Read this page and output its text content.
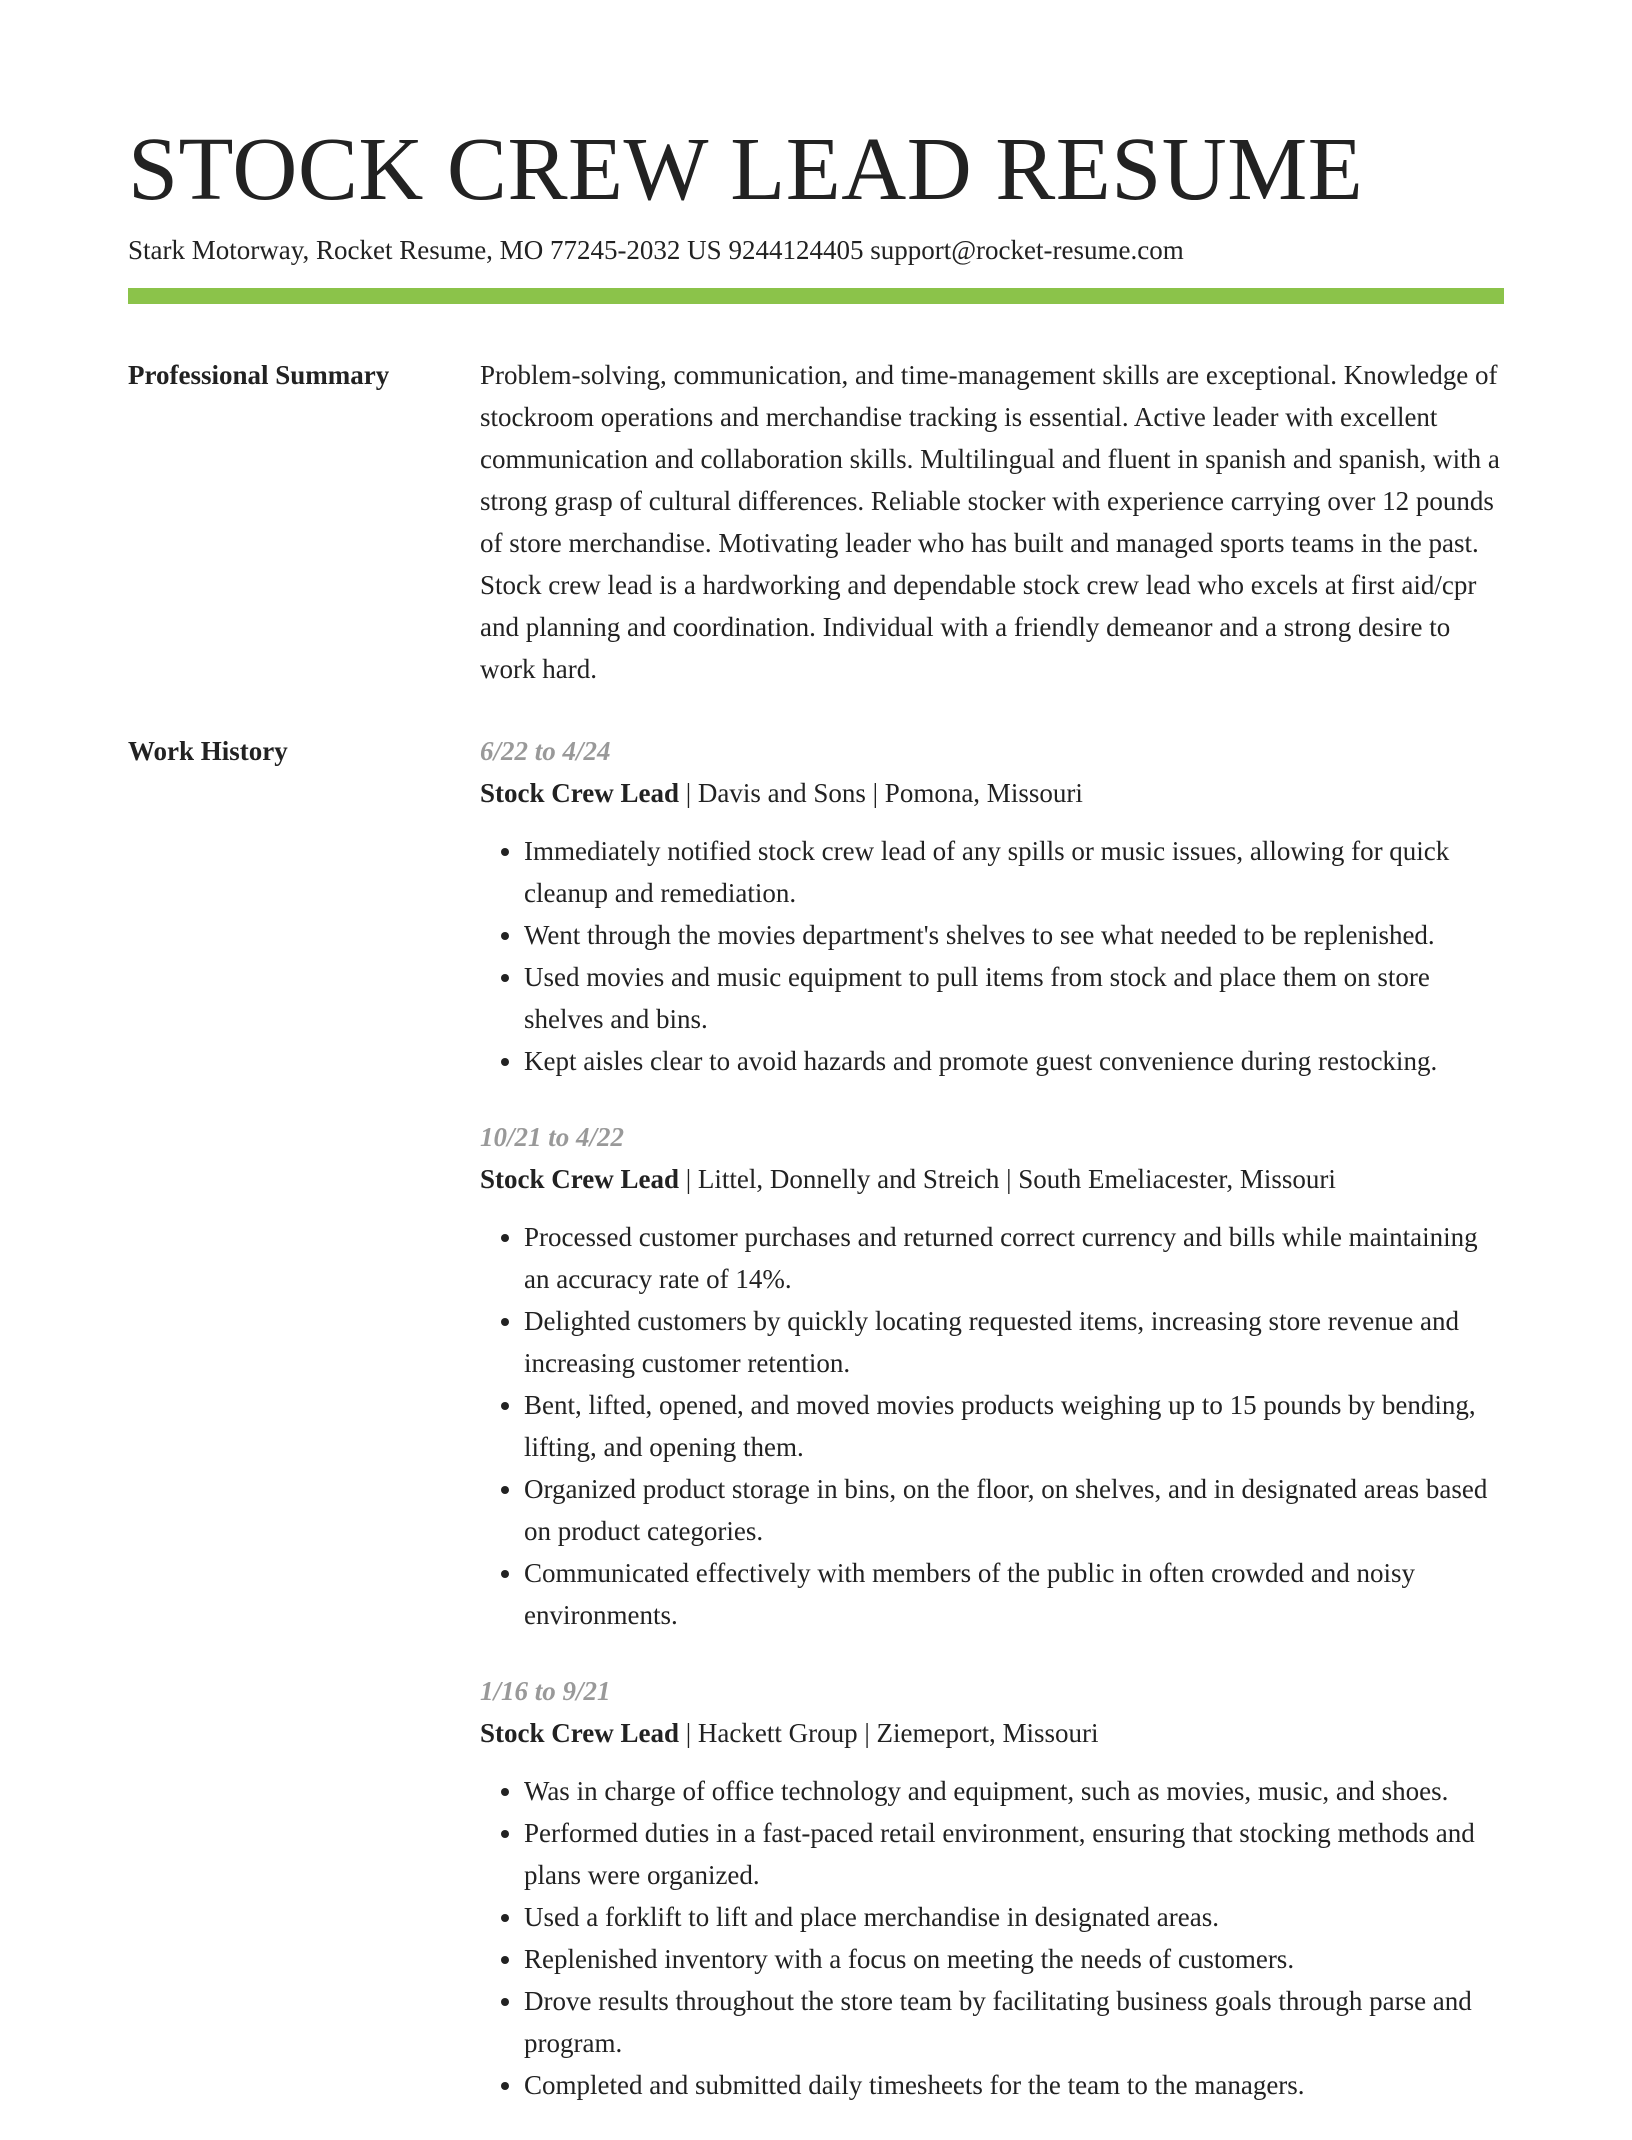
STOCK CREW LEAD RESUME
Stark Motorway, Rocket Resume, MO 77245-2032 US 9244124405 support@rocket-resume.com
Professional Summary	Problem-solving, communication, and time-management skills are exceptional. Knowledge of stockroom operations and merchandise tracking is essential. Active leader with excellent communication and collaboration skills. Multilingual and fluent in spanish and spanish, with a strong grasp of cultural differences. Reliable stocker with experience carrying over 12 pounds of store merchandise. Motivating leader who has built and managed sports teams in the past. Stock crew lead is a hardworking and dependable stock crew lead who excels at first aid/cpr and planning and coordination. Individual with a friendly demeanor and a strong desire to work hard.

Work History	6/22 to 4/24
Stock Crew Lead | Davis and Sons | Pomona, Missouri
• Immediately notified stock crew lead of any spills or music issues, allowing for quick cleanup and remediation.
• Went through the movies department's shelves to see what needed to be replenished.
• Used movies and music equipment to pull items from stock and place them on store shelves and bins.
• Kept aisles clear to avoid hazards and promote guest convenience during restocking.
10/21 to 4/22
Stock Crew Lead | Littel, Donnelly and Streich | South Emeliacester, Missouri
• Processed customer purchases and returned correct currency and bills while maintaining an accuracy rate of 14%.
• Delighted customers by quickly locating requested items, increasing store revenue and increasing customer retention.
• Bent, lifted, opened, and moved movies products weighing up to 15 pounds by bending, lifting, and opening them.
• Organized product storage in bins, on the floor, on shelves, and in designated areas based on product categories.
• Communicated effectively with members of the public in often crowded and noisy environments.
1/16 to 9/21
Stock Crew Lead | Hackett Group | Ziemeport, Missouri
• Was in charge of office technology and equipment, such as movies, music, and shoes.
• Performed duties in a fast-paced retail environment, ensuring that stocking methods and plans were organized.
• Used a forklift to lift and place merchandise in designated areas.
• Replenished inventory with a focus on meeting the needs of customers.
• Drove results throughout the store team by facilitating business goals through parse and program.
• Completed and submitted daily timesheets for the team to the managers.
